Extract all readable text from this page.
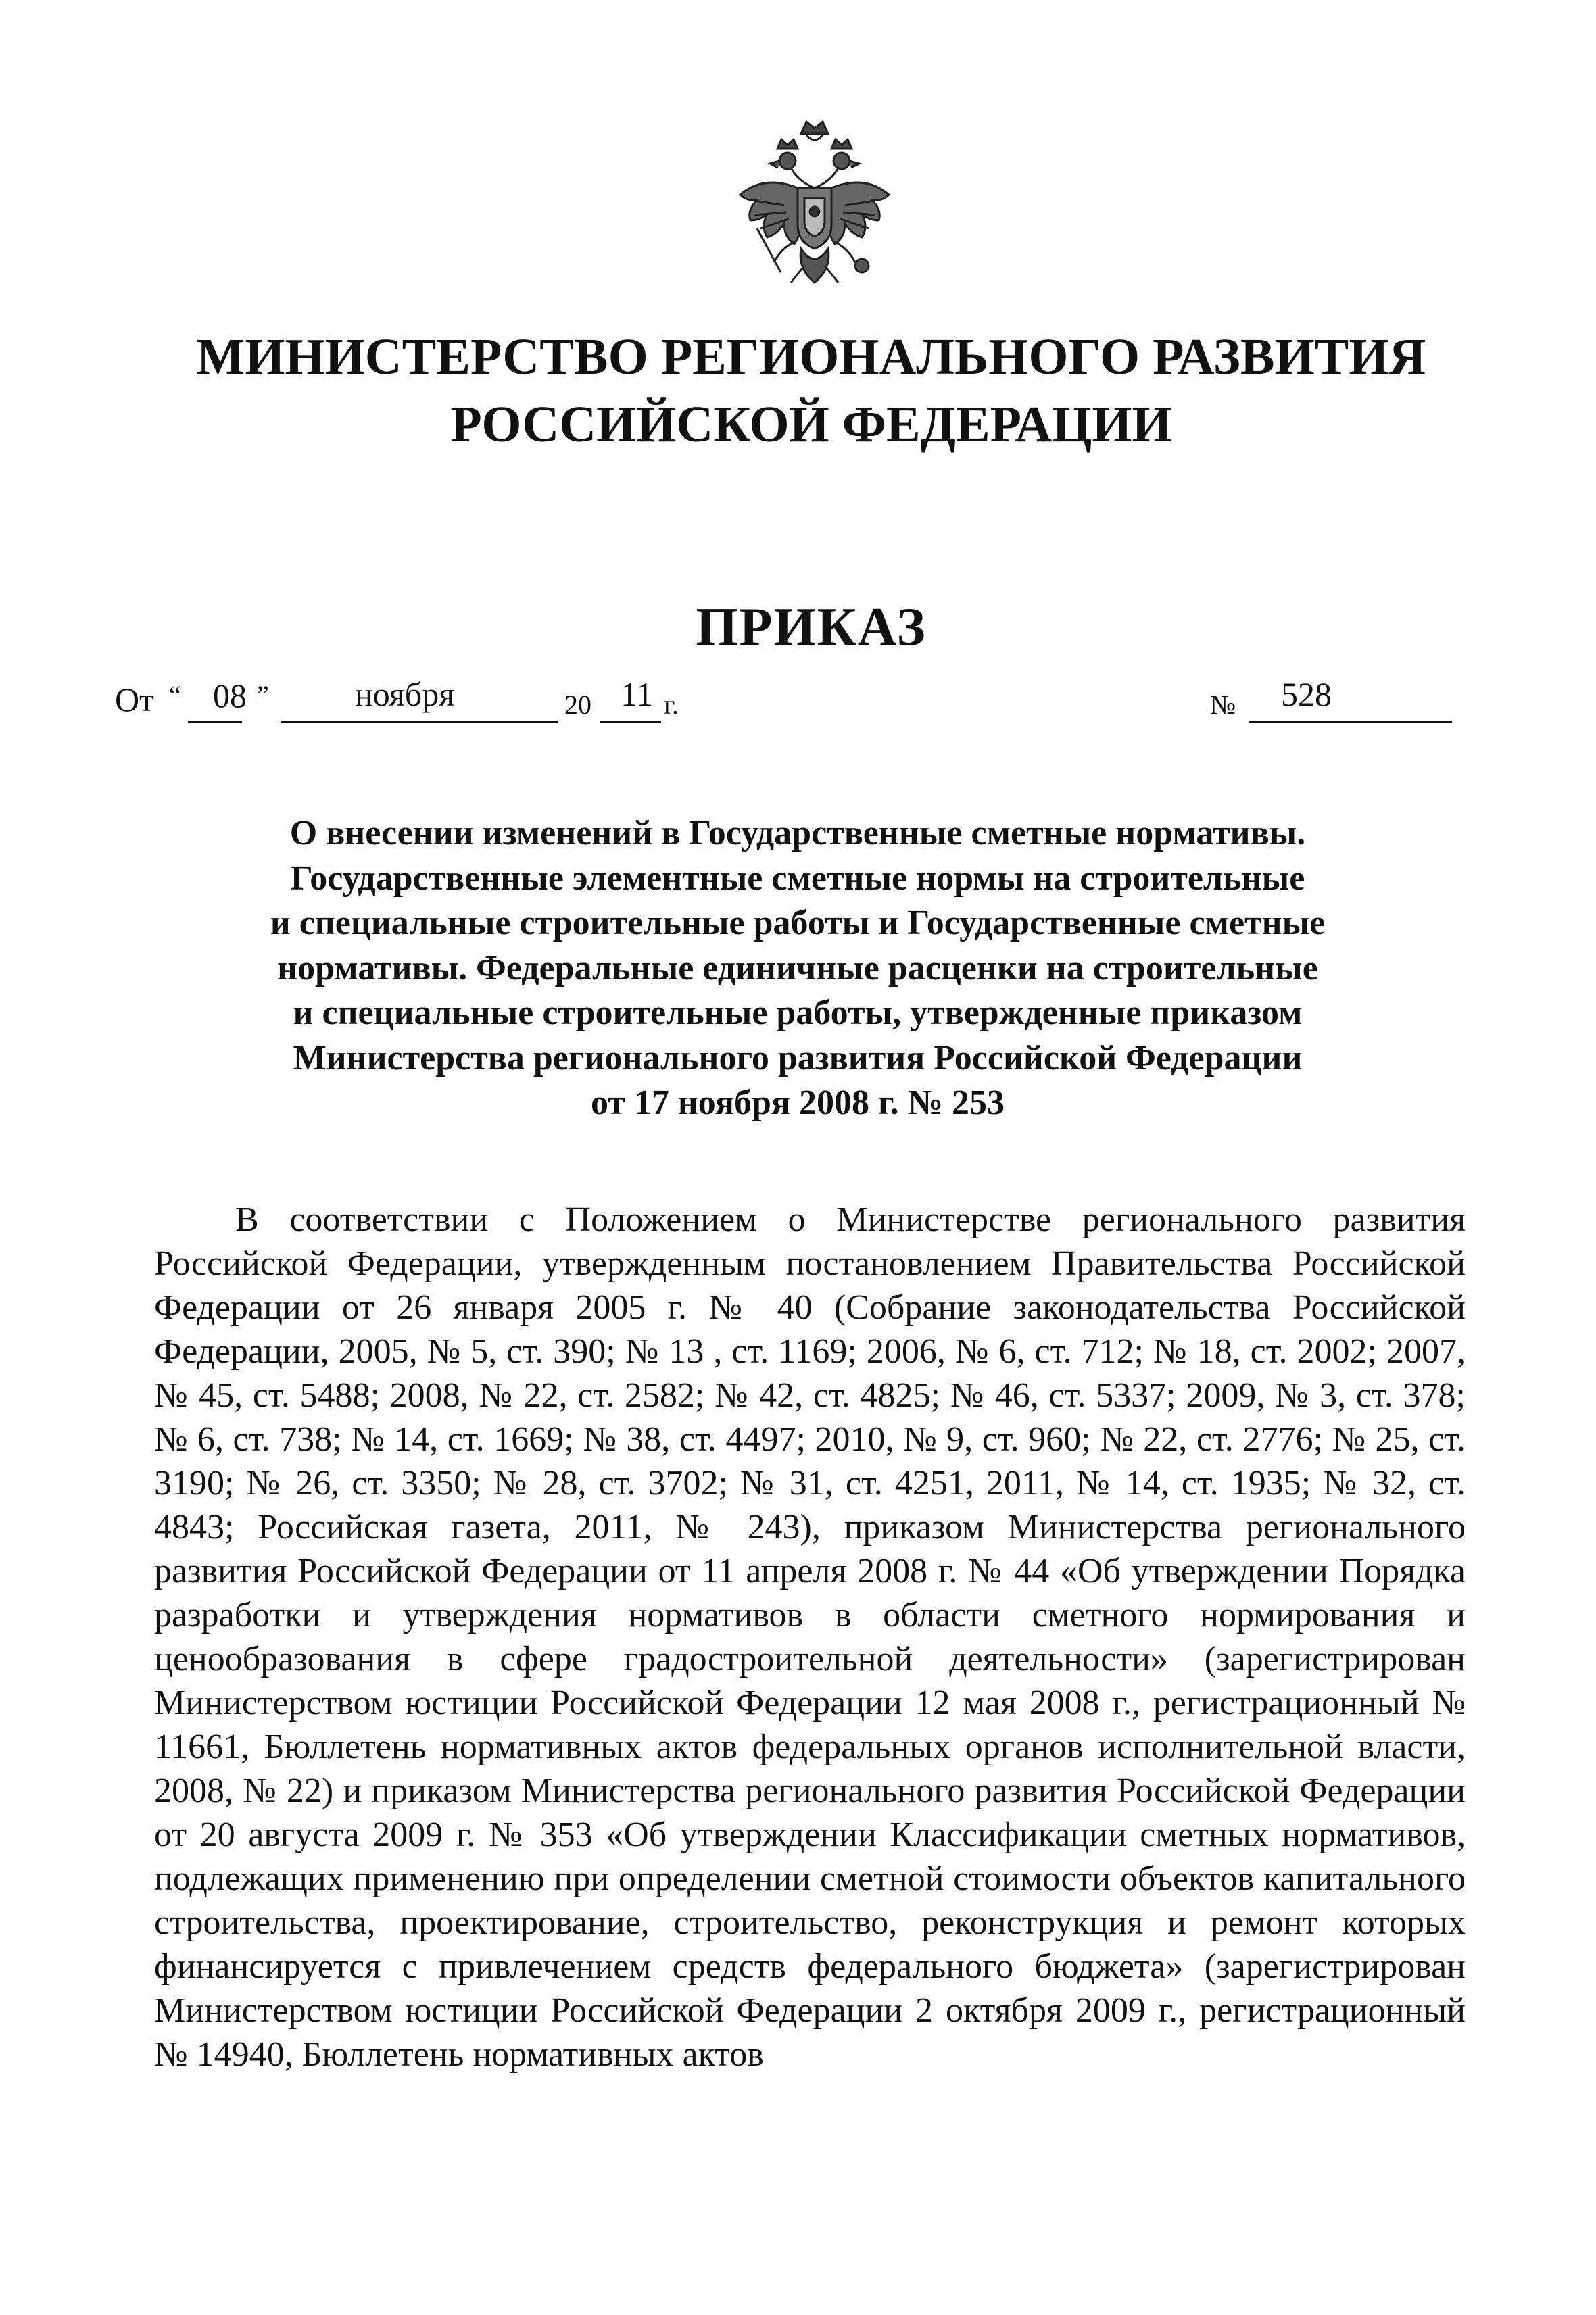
МИНИСТЕРСТВО РЕГИОНАЛЬНОГО РАЗВИТИЯ
РОССИЙСКОЙ ФЕДЕРАЦИИ
ПРИКАЗ
От “ 08 ”	ноября	20 11 г.	№ 528
О внесении изменений в Государственные сметные нормативы.
Государственные элементные сметные нормы на строительные
и специальные строительные работы и Государственные сметные
нормативы. Федеральные единичные расценки на строительные
и специальные строительные работы, утвержденные приказом
Министерства регионального развития Российской Федерации
от 17 ноября 2008 г. № 253

В соответствии с Положением о Министерстве регионального развития Российской Федерации, утвержденным постановлением Правительства Российской Федерации от 26 января 2005 г. № 40 (Собрание законодательства Российской Федерации, 2005, № 5, ст. 390; № 13 , ст. 1169; 2006, № 6, ст. 712; № 18, ст. 2002; 2007, № 45, ст. 5488; 2008, № 22, ст. 2582; № 42, ст. 4825; № 46, ст. 5337; 2009, № 3, ст. 378; № 6, ст. 738; № 14, ст. 1669; № 38, ст. 4497; 2010, № 9, ст. 960; № 22, ст. 2776; № 25, ст. 3190; № 26, ст. 3350; № 28, ст. 3702; № 31, ст. 4251, 2011, № 14, ст. 1935; № 32, ст. 4843; Российская газета, 2011, № 243), приказом Министерства регионального развития Российской Федерации от 11 апреля 2008 г. № 44 «Об утверждении Порядка разработки и утверждения нормативов в области сметного нормирования и ценообразования в сфере градостроительной деятельности» (зарегистрирован Министерством юстиции Российской Федерации 12 мая 2008 г., регистрационный № 11661, Бюллетень нормативных актов федеральных органов исполнительной власти, 2008, № 22) и приказом Министерства регионального развития Российской Федерации от 20 августа 2009 г. № 353 «Об утверждении Классификации сметных нормативов, подлежащих применению при определении сметной стоимости объектов капитального строительства, проектирование, строительство, реконструкция и ремонт которых финансируется с привлечением средств федерального бюджета» (зарегистрирован Министерством юстиции Российской Федерации 2 октября 2009 г., регистрационный № 14940, Бюллетень нормативных актов
